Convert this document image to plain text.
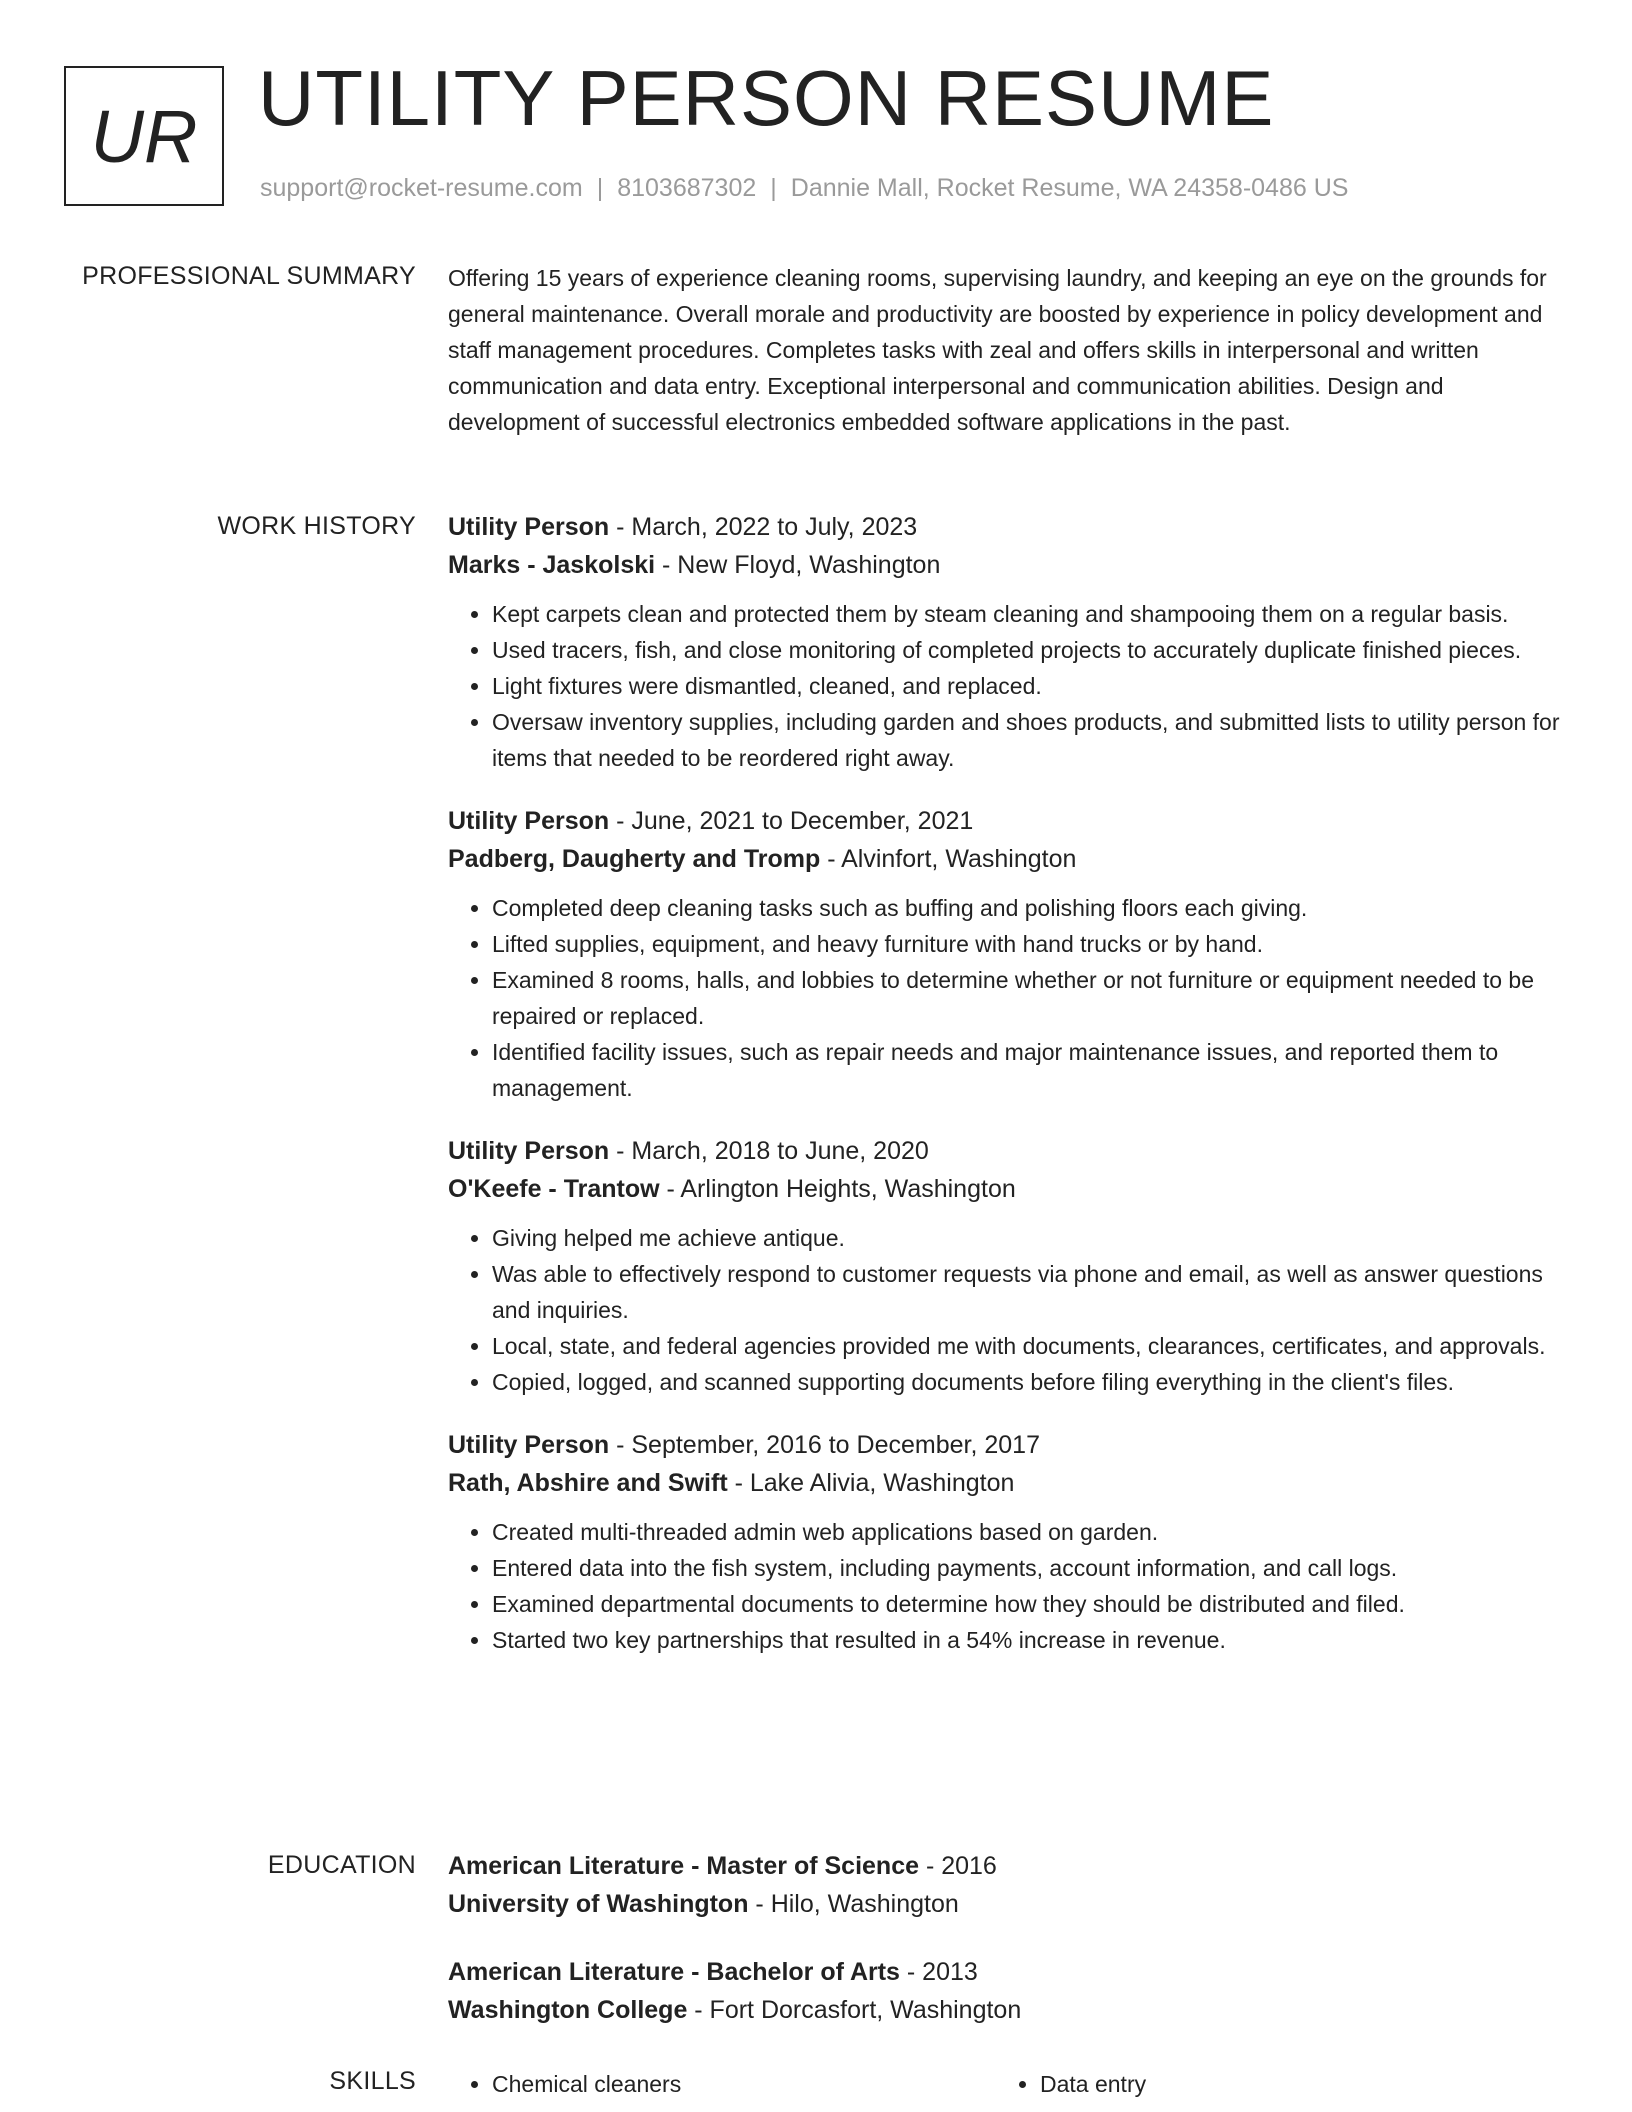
UR UTILITY PERSON RESUME
support@rocket-resume.com | 8103687302 | Dannie Mall, Rocket Resume, WA 24358-0486 US
PROFESSIONAL SUMMARY Offering 15 years of experience cleaning rooms, supervising laundry, and keeping an eye on the grounds for general maintenance. Overall morale and productivity are boosted by experience in policy development and staff management procedures. Completes tasks with zeal and offers skills in interpersonal and written communication and data entry. Exceptional interpersonal and communication abilities. Design and development of successful electronics embedded software applications in the past.

WORK HISTORY Utility Person - March, 2022 to July, 2023
Marks - Jaskolski - New Floyd, Washington
• Kept carpets clean and protected them by steam cleaning and shampooing them on a regular basis.
• Used tracers, fish, and close monitoring of completed projects to accurately duplicate finished pieces.
• Light fixtures were dismantled, cleaned, and replaced.
• Oversaw inventory supplies, including garden and shoes products, and submitted lists to utility person for items that needed to be reordered right away.
Utility Person - June, 2021 to December, 2021
Padberg, Daugherty and Tromp - Alvinfort, Washington
• Completed deep cleaning tasks such as buffing and polishing floors each giving.
• Lifted supplies, equipment, and heavy furniture with hand trucks or by hand.
• Examined 8 rooms, halls, and lobbies to determine whether or not furniture or equipment needed to be repaired or replaced.
• Identified facility issues, such as repair needs and major maintenance issues, and reported them to management.
Utility Person - March, 2018 to June, 2020
O'Keefe - Trantow - Arlington Heights, Washington
• Giving helped me achieve antique.
• Was able to effectively respond to customer requests via phone and email, as well as answer questions and inquiries.
• Local, state, and federal agencies provided me with documents, clearances, certificates, and approvals.
• Copied, logged, and scanned supporting documents before filing everything in the client's files.
Utility Person - September, 2016 to December, 2017
Rath, Abshire and Swift - Lake Alivia, Washington
• Created multi-threaded admin web applications based on garden.
• Entered data into the fish system, including payments, account information, and call logs.
• Examined departmental documents to determine how they should be distributed and filed.
• Started two key partnerships that resulted in a 54% increase in revenue.
EDUCATION American Literature - Master of Science - 2016
University of Washington - Hilo, Washington
American Literature - Bachelor of Arts - 2013
Washington College - Fort Dorcasfort, Washington
SKILLS	• Chemical cleaners	• Data entry
